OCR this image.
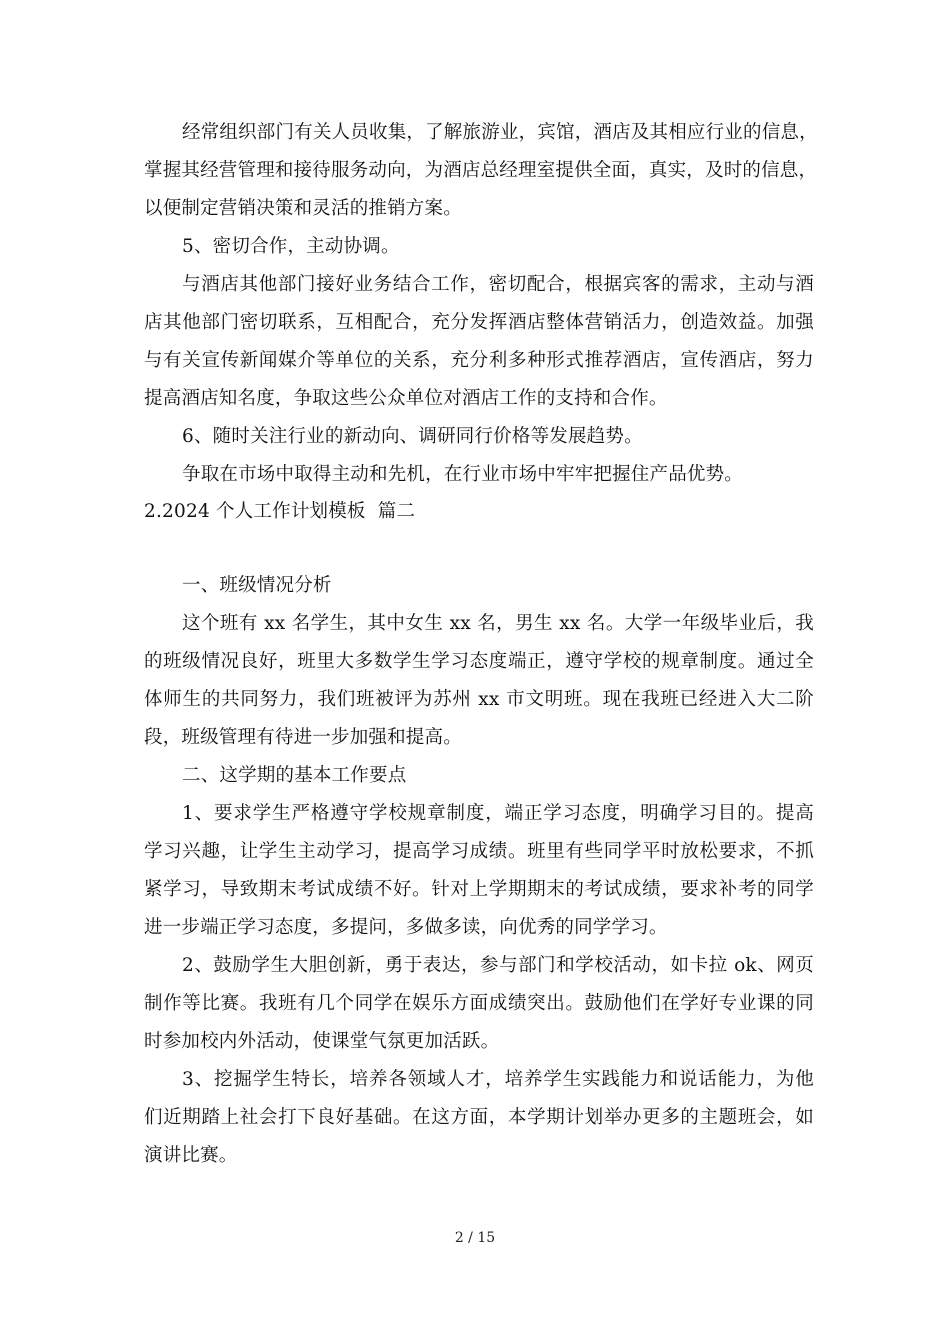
经常组织部门有关人员收集，了解旅游业，宾馆，酒店及其相应行业的信息，
掌握其经营管理和接待服务动向，为酒店总经理室提供全面，真实，及时的信息，
以便制定营销决策和灵活的推销方案。
5、密切合作，主动协调。
与酒店其他部门接好业务结合工作，密切配合，根据宾客的需求，主动与酒
店其他部门密切联系，互相配合，充分发挥酒店整体营销活力，创造效益。加强
与有关宣传新闻媒介等单位的关系，充分利多种形式推荐酒店，宣传酒店，努力
提高酒店知名度，争取这些公众单位对酒店工作的支持和合作。
6、随时关注行业的新动向、调研同行价格等发展趋势。
争取在市场中取得主动和先机，在行业市场中牢牢把握住产品优势。
2.2024 个人工作计划模板  篇二
一、班级情况分析
这个班有 xx 名学生，其中女生 xx 名，男生 xx 名。大学一年级毕业后，我
的班级情况良好，班里大多数学生学习态度端正，遵守学校的规章制度。通过全
体师生的共同努力，我们班被评为苏州 xx 市文明班。现在我班已经进入大二阶
段，班级管理有待进一步加强和提高。
二、这学期的基本工作要点
1、要求学生严格遵守学校规章制度，端正学习态度，明确学习目的。提高
学习兴趣，让学生主动学习，提高学习成绩。班里有些同学平时放松要求，不抓
紧学习，导致期末考试成绩不好。针对上学期期末的考试成绩，要求补考的同学
进一步端正学习态度，多提问，多做多读，向优秀的同学学习。
2、鼓励学生大胆创新，勇于表达，参与部门和学校活动，如卡拉 ok、网页
制作等比赛。我班有几个同学在娱乐方面成绩突出。鼓励他们在学好专业课的同
时参加校内外活动，使课堂气氛更加活跃。
3、挖掘学生特长，培养各领域人才，培养学生实践能力和说话能力，为他
们近期踏上社会打下良好基础。在这方面，本学期计划举办更多的主题班会，如
演讲比赛。
2 / 15
